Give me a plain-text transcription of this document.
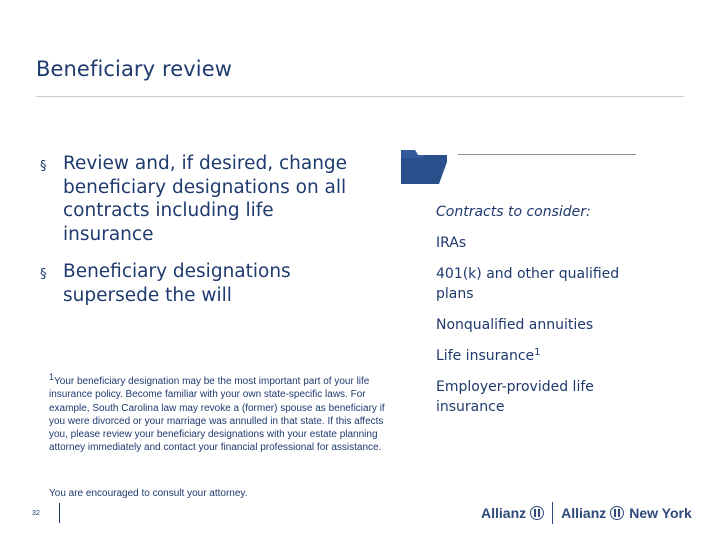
Beneficiary review
§ Review and, if desired, change beneficiary designations on all contracts including life insurance
§ Beneficiary designations supersede the will
$^1$Your beneficiary designation may be the most important part of your life insurance policy. Become familiar with your own state-specific laws. For example, South Carolina law may revoke a (former) spouse as beneficiary if you were divorced or your marriage was annulled in that state. If this affects you, please review your beneficiary designations with your estate planning attorney immediately and contact your financial professional for assistance.
You are encouraged to consult your attorney.
32
Contracts to consider:
IRAs
401(k) and other qualified plans
Nonqualified annuities
Life insurance$^1$
Employer-provided life insurance
Allianz	Allianz New York
